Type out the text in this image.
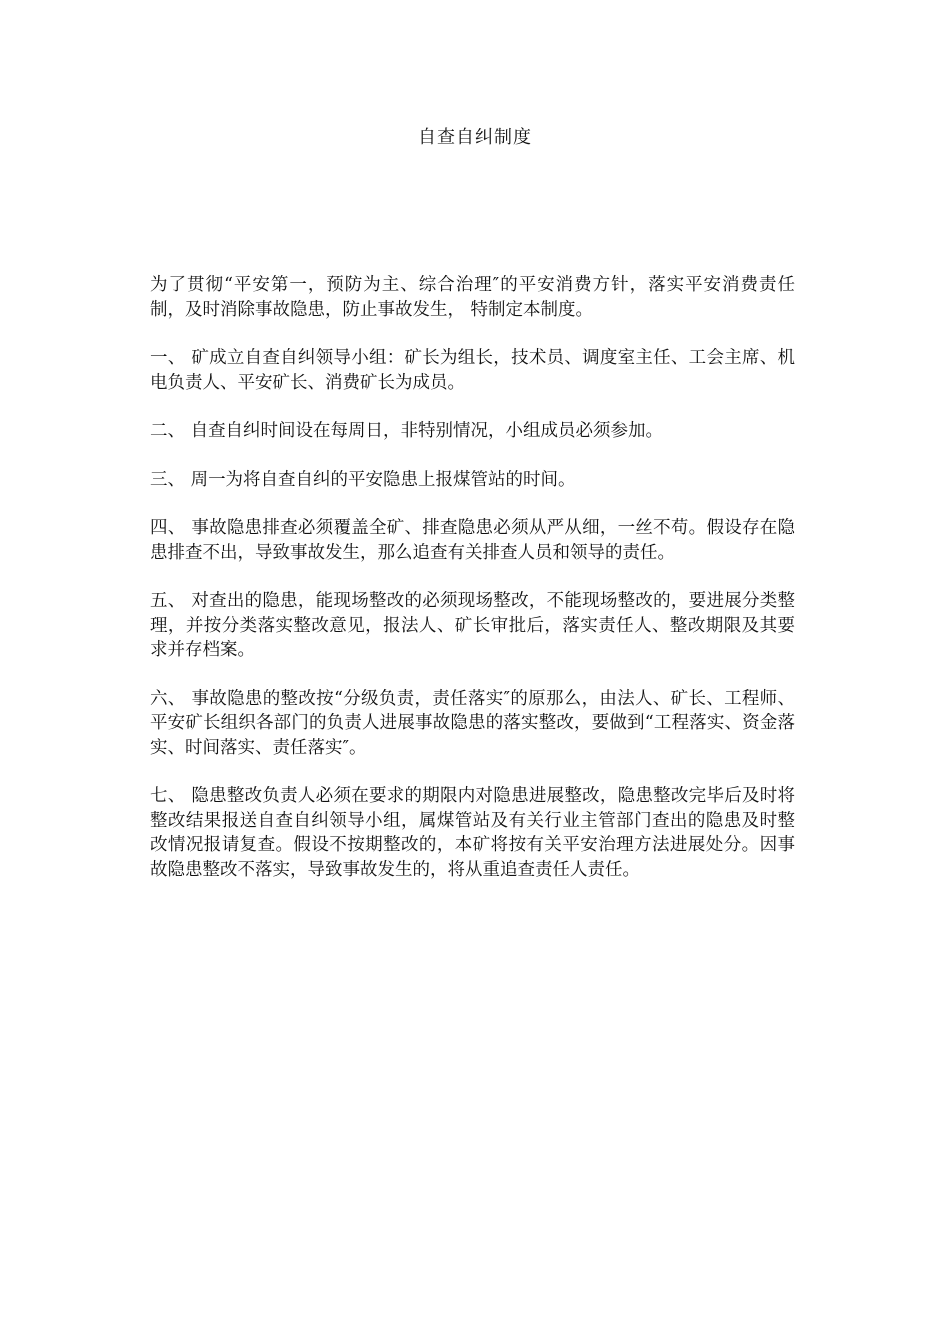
自查自纠制度

为了贯彻“平安第一，预防为主、综合治理″的平安消费方针，落实平安消费责任制，及时消除事故隐患，防止事故发生， 特制定本制度。

一、 矿成立自查自纠领导小组：矿长为组长，技术员、调度室主任、工会主席、机电负责人、平安矿长、消费矿长为成员。

二、 自查自纠时间设在每周日，非特别情况，小组成员必须参加。

三、 周一为将自查自纠的平安隐患上报煤管站的时间。

四、 事故隐患排查必须覆盖全矿、排查隐患必须从严从细，一丝不苟。假设存在隐患排查不出，导致事故发生，那么追查有关排查人员和领导的责任。

五、 对查出的隐患，能现场整改的必须现场整改，不能现场整改的，要进展分类整理，并按分类落实整改意见，报法人、矿长审批后，落实责任人、整改期限及其要求并存档案。

六、 事故隐患的整改按“分级负责，责任落实″的原那么，由法人、矿长、工程师、平安矿长组织各部门的负责人进展事故隐患的落实整改，要做到“工程落实、资金落实、时间落实、责任落实″。

七、 隐患整改负责人必须在要求的期限内对隐患进展整改，隐患整改完毕后及时将整改结果报送自查自纠领导小组，属煤管站及有关行业主管部门查出的隐患及时整改情况报请复查。假设不按期整改的，本矿将按有关平安治理方法进展处分。因事故隐患整改不落实，导致事故发生的，将从重追查责任人责任。
